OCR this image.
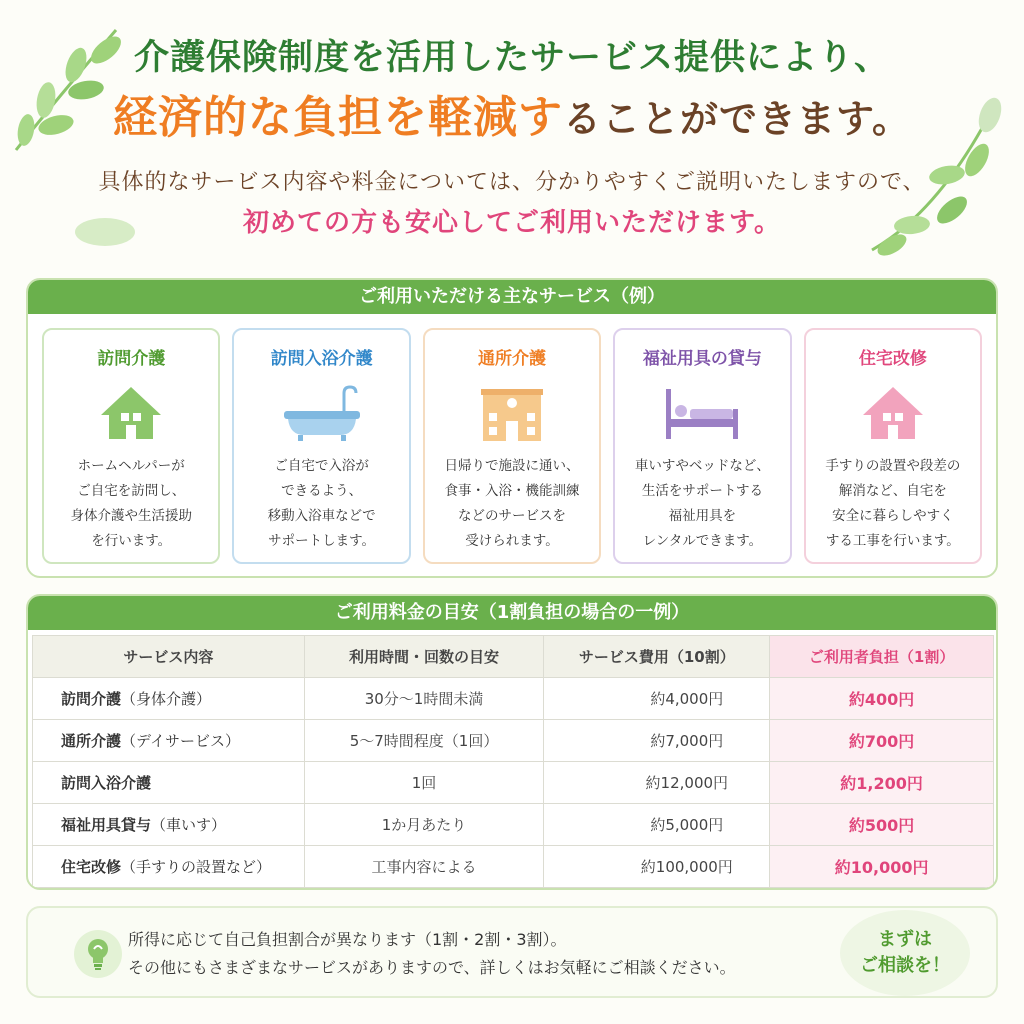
介護保険制度を活用したサービス提供により、
経済的な負担を軽減することができます。
具体的なサービス内容や料金については、分かりやすくご説明いたしますので、
初めての方も安心してご利用いただけます。
ご利用いただける主なサービス（例）
訪問介護
ホームヘルパーが
ご自宅を訪問し、
身体介護や生活援助
を行います。
訪問入浴介護
ご自宅で入浴が
できるよう、
移動入浴車などで
サポートします。
通所介護
日帰りで施設に通い、
食事・入浴・機能訓練
などのサービスを
受けられます。
福祉用具の貸与
車いすやベッドなど、
生活をサポートする
福祉用具を
レンタルできます。
住宅改修
手すりの設置や段差の
解消など、自宅を
安全に暮らしやすく
する工事を行います。
ご利用料金の目安（1割負担の場合の一例）
サービス内容	利用時間・回数の目安	サービス費用（10割）	ご利用者負担（1割）
訪問介護（身体介護）	30分～1時間未満	約4,000円	約400円
通所介護（デイサービス）	5～7時間程度（1回）	約7,000円	約700円
訪問入浴介護	1回	約12,000円	約1,200円
福祉用具貸与（車いす）	1か月あたり	約5,000円	約500円
住宅改修（手すりの設置など）	工事内容による	約100,000円	約10,000円
所得に応じて自己負担割合が異なります（1割・2割・3割）。
その他にもさまざまなサービスがありますので、詳しくはお気軽にご相談ください。
まずは
ご相談を！
